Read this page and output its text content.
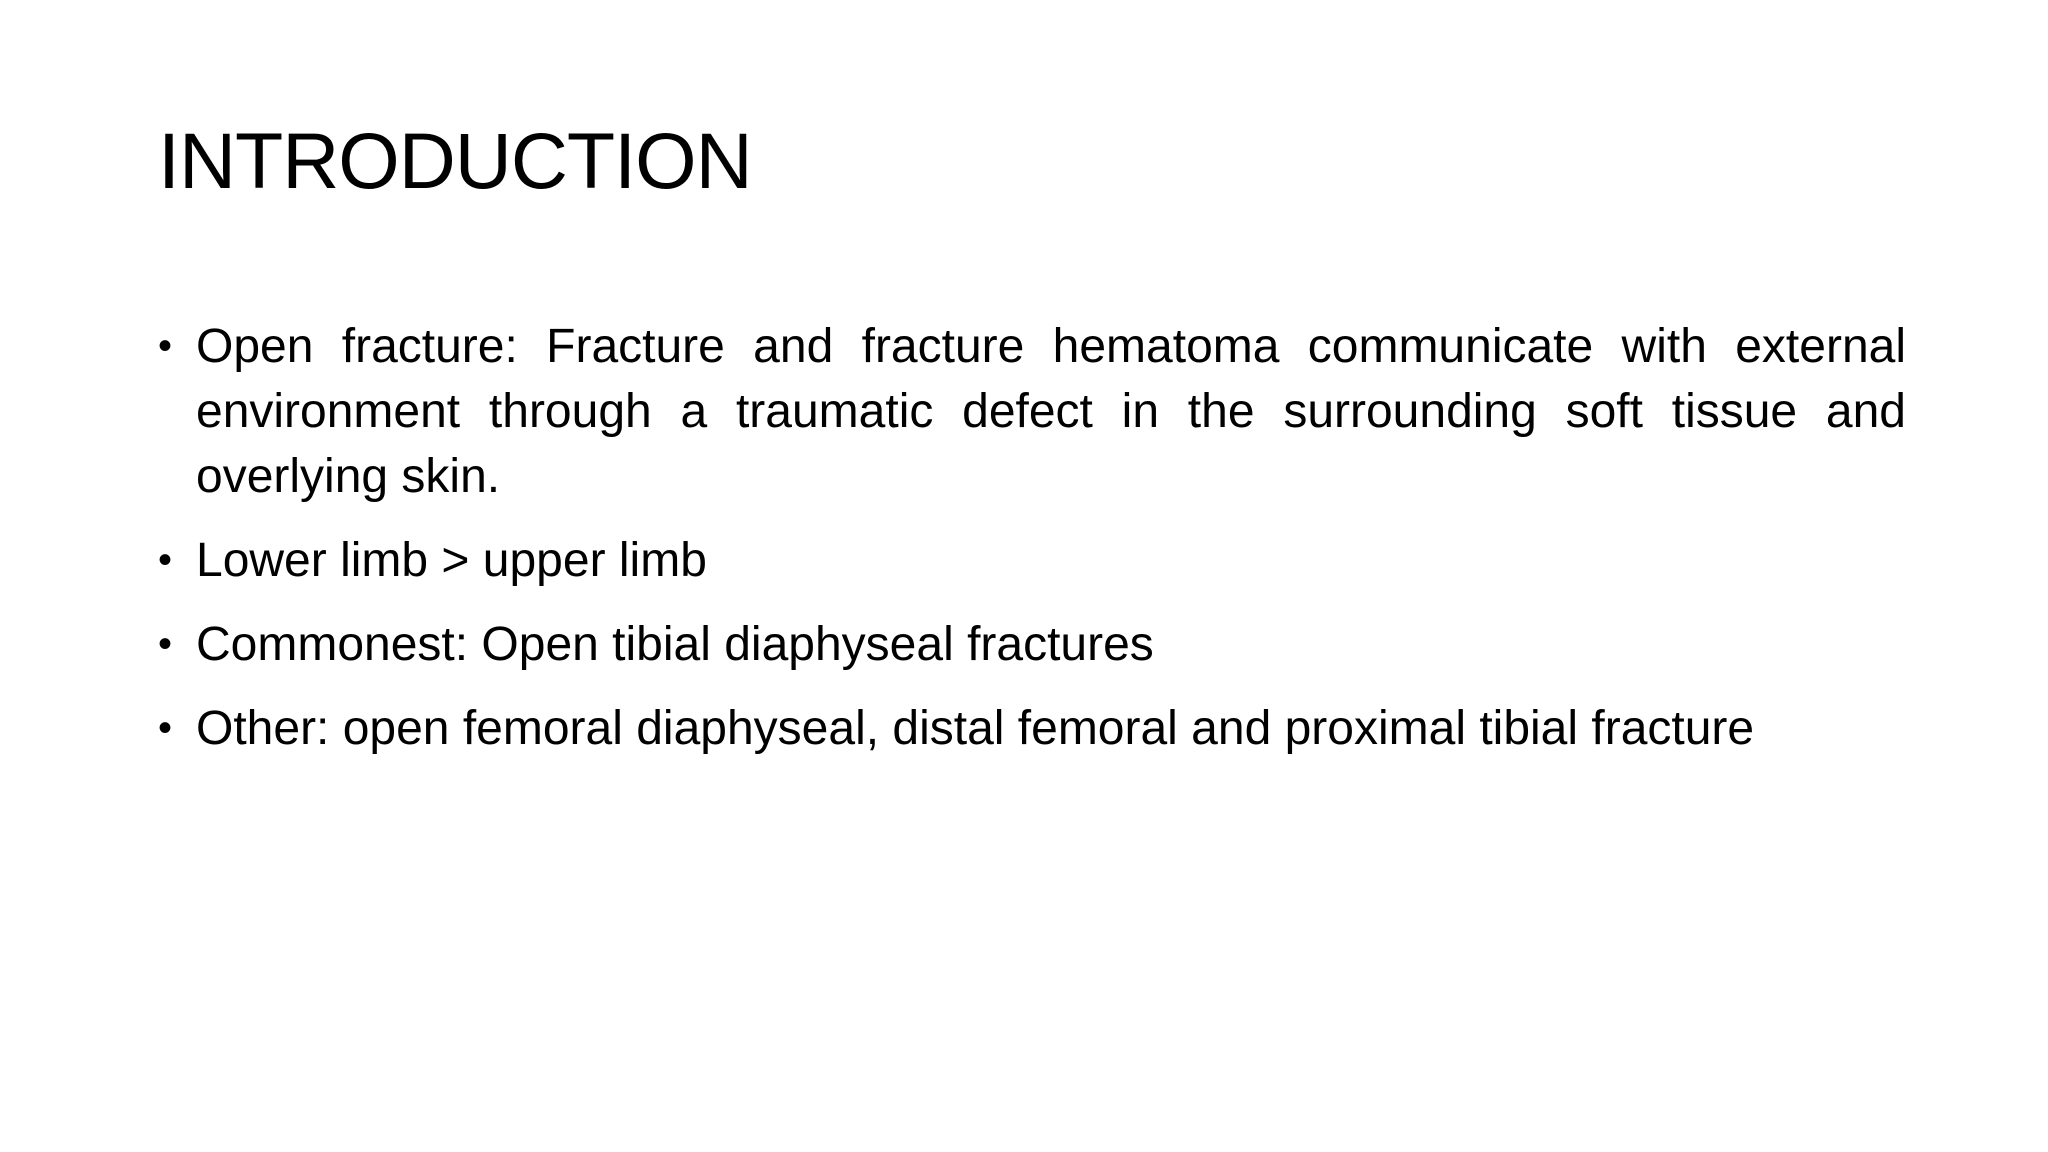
INTRODUCTION
• Open fracture: Fracture and fracture hematoma communicate with external environment through a traumatic defect in the surrounding soft tissue and overlying skin.
• Lower limb > upper limb
• Commonest: Open tibial diaphyseal fractures
• Other: open femoral diaphyseal, distal femoral and proximal tibial fracture
